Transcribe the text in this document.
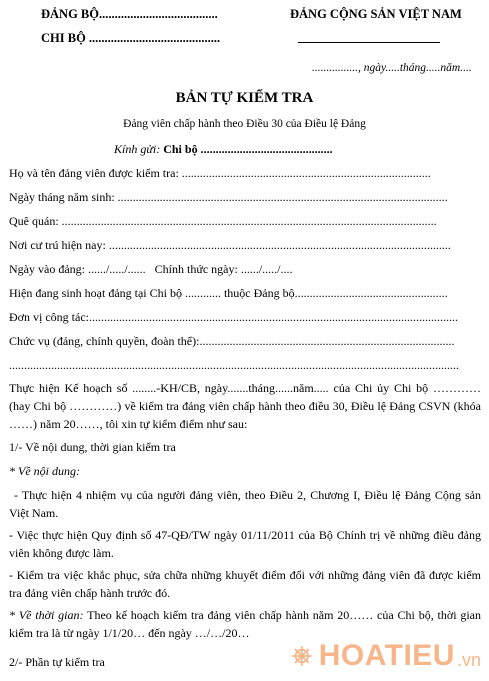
ĐẢNG BỘ......................................
CHI BỘ ..........................................
ĐẢNG CỘNG SẢN VIỆT NAM
................, ngày.....tháng.....năm....
BẢN TỰ KIỂM TRA
Đảng viên chấp hành theo Điều 30 của Điều lệ Đảng
Kính gửi: Chi bộ ............................................
Họ và tên đảng viên được kiểm tra: ...................................................................................
Ngày tháng năm sinh: ..............................................................................................................
Quê quán: .............................................................................................................................
Nơi cư trú hiện nay: ..................................................................................................................
Ngày vào đảng: ....../...../...... Chính thức ngày: ....../...../....
Hiện đang sinh hoạt đảng tại Chi bộ ............ thuộc Đảng bộ...................................................
Đơn vị công tác:...........................................................................................................................
Chức vụ (đảng, chính quyền, đoàn thể):.....................................................................................
......................................................................................................................................................
Thực hiện Kế hoạch số ........-KH/CB, ngày.......tháng......năm..... của Chi ủy Chi bộ ………… (hay Chi bộ …………) về kiểm tra đảng viên chấp hành theo điều 30, Điều lệ Đảng CSVN (khóa ……) năm 20……, tôi xin tự kiểm điểm như sau:
1/- Về nội dung, thời gian kiểm tra
* Về nội dung:
- Thực hiện 4 nhiệm vụ của người đảng viên, theo Điều 2, Chương I, Điều lệ Đảng Cộng sản Việt Nam.
- Việc thực hiện Quy định số 47-QĐ/TW ngày 01/11/2011 của Bộ Chính trị về những điều đảng viên không được làm.
- Kiểm tra việc khắc phục, sửa chữa những khuyết điểm đối với những đảng viên đã được kiểm tra đảng viên chấp hành trước đó.
* Về thời gian: Theo kế hoạch kiểm tra đảng viên chấp hành năm 20…… của Chi bộ, thời gian kiểm tra là từ ngày 1/1/20… đến ngày …/…/20…
2/- Phần tự kiểm tra	HOATIEU .vn
